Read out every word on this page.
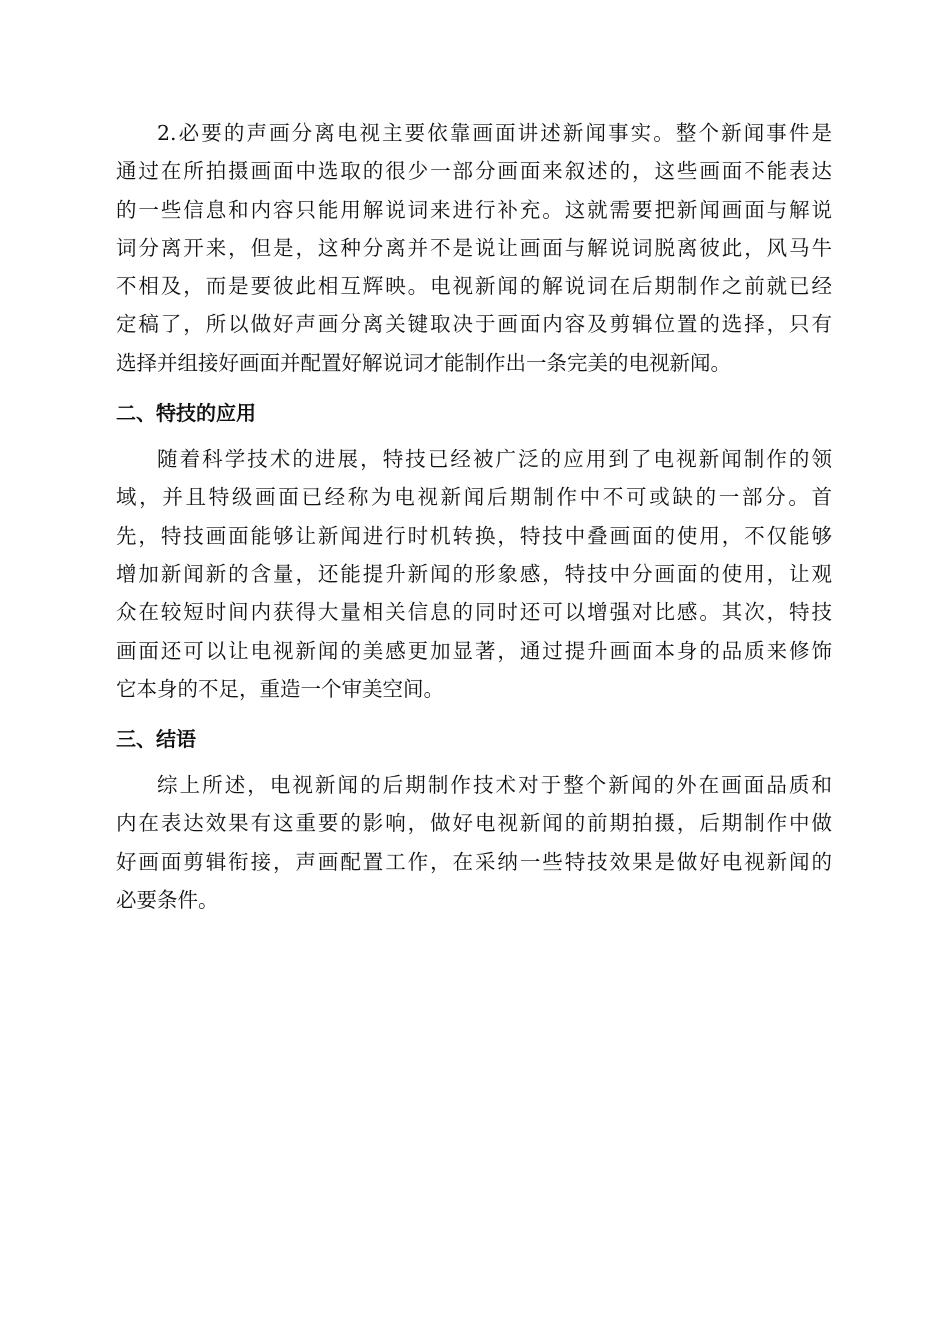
2.必要的声画分离电视主要依靠画面讲述新闻事实。整个新闻事件是
通过在所拍摄画面中选取的很少一部分画面来叙述的，这些画面不能表达
的一些信息和内容只能用解说词来进行补充。这就需要把新闻画面与解说
词分离开来，但是，这种分离并不是说让画面与解说词脱离彼此，风马牛
不相及，而是要彼此相互辉映。电视新闻的解说词在后期制作之前就已经
定稿了，所以做好声画分离关键取决于画面内容及剪辑位置的选择，只有
选择并组接好画面并配置好解说词才能制作出一条完美的电视新闻。
二、特技的应用
随着科学技术的进展，特技已经被广泛的应用到了电视新闻制作的领
域，并且特级画面已经称为电视新闻后期制作中不可或缺的一部分。首
先，特技画面能够让新闻进行时机转换，特技中叠画面的使用，不仅能够
增加新闻新的含量，还能提升新闻的形象感，特技中分画面的使用，让观
众在较短时间内获得大量相关信息的同时还可以增强对比感。其次，特技
画面还可以让电视新闻的美感更加显著，通过提升画面本身的品质来修饰
它本身的不足，重造一个审美空间。
三、结语
综上所述，电视新闻的后期制作技术对于整个新闻的外在画面品质和
内在表达效果有这重要的影响，做好电视新闻的前期拍摄，后期制作中做
好画面剪辑衔接，声画配置工作，在采纳一些特技效果是做好电视新闻的
必要条件。
